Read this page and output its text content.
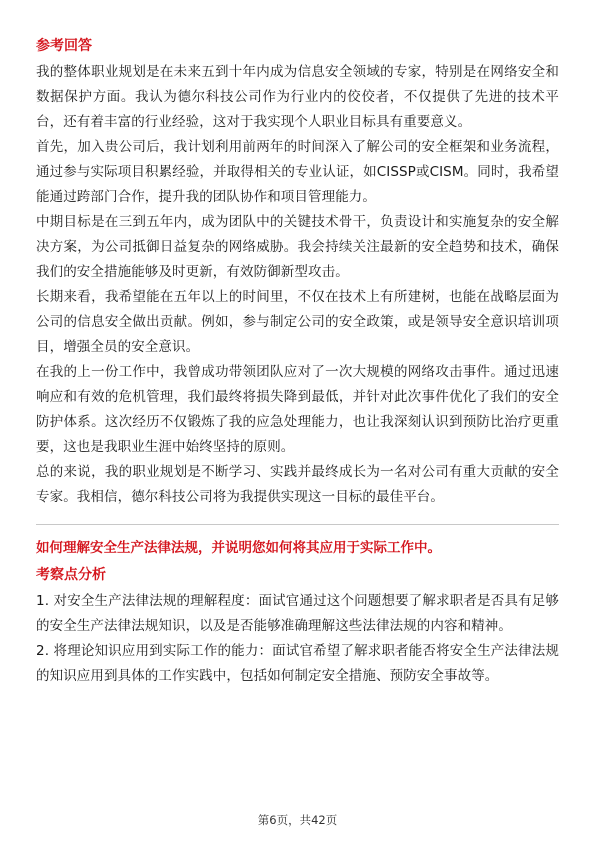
参考回答

我的整体职业规划是在未来五到十年内成为信息安全领域的专家，特别是在网络安全和数据保护方面。我认为德尔科技公司作为行业内的佼佼者，不仅提供了先进的技术平台，还有着丰富的行业经验，这对于我实现个人职业目标具有重要意义。

首先，加入贵公司后，我计划利用前两年的时间深入了解公司的安全框架和业务流程，通过参与实际项目积累经验，并取得相关的专业认证，如CISSP或CISM。同时，我希望能通过跨部门合作，提升我的团队协作和项目管理能力。

中期目标是在三到五年内，成为团队中的关键技术骨干，负责设计和实施复杂的安全解决方案，为公司抵御日益复杂的网络威胁。我会持续关注最新的安全趋势和技术，确保我们的安全措施能够及时更新，有效防御新型攻击。

长期来看，我希望能在五年以上的时间里，不仅在技术上有所建树，也能在战略层面为公司的信息安全做出贡献。例如，参与制定公司的安全政策，或是领导安全意识培训项目，增强全员的安全意识。

在我的上一份工作中，我曾成功带领团队应对了一次大规模的网络攻击事件。通过迅速响应和有效的危机管理，我们最终将损失降到最低，并针对此次事件优化了我们的安全防护体系。这次经历不仅锻炼了我的应急处理能力，也让我深刻认识到预防比治疗更重要，这也是我职业生涯中始终坚持的原则。

总的来说，我的职业规划是不断学习、实践并最终成长为一名对公司有重大贡献的安全专家。我相信，德尔科技公司将为我提供实现这一目标的最佳平台。

如何理解安全生产法律法规，并说明您如何将其应用于实际工作中。
考察点分析

1. 对安全生产法律法规的理解程度：面试官通过这个问题想要了解求职者是否具有足够的安全生产法律法规知识，以及是否能够准确理解这些法律法规的内容和精神。

2. 将理论知识应用到实际工作的能力：面试官希望了解求职者能否将安全生产法律法规的知识应用到具体的工作实践中，包括如何制定安全措施、预防安全事故等。

第6页，共42页
